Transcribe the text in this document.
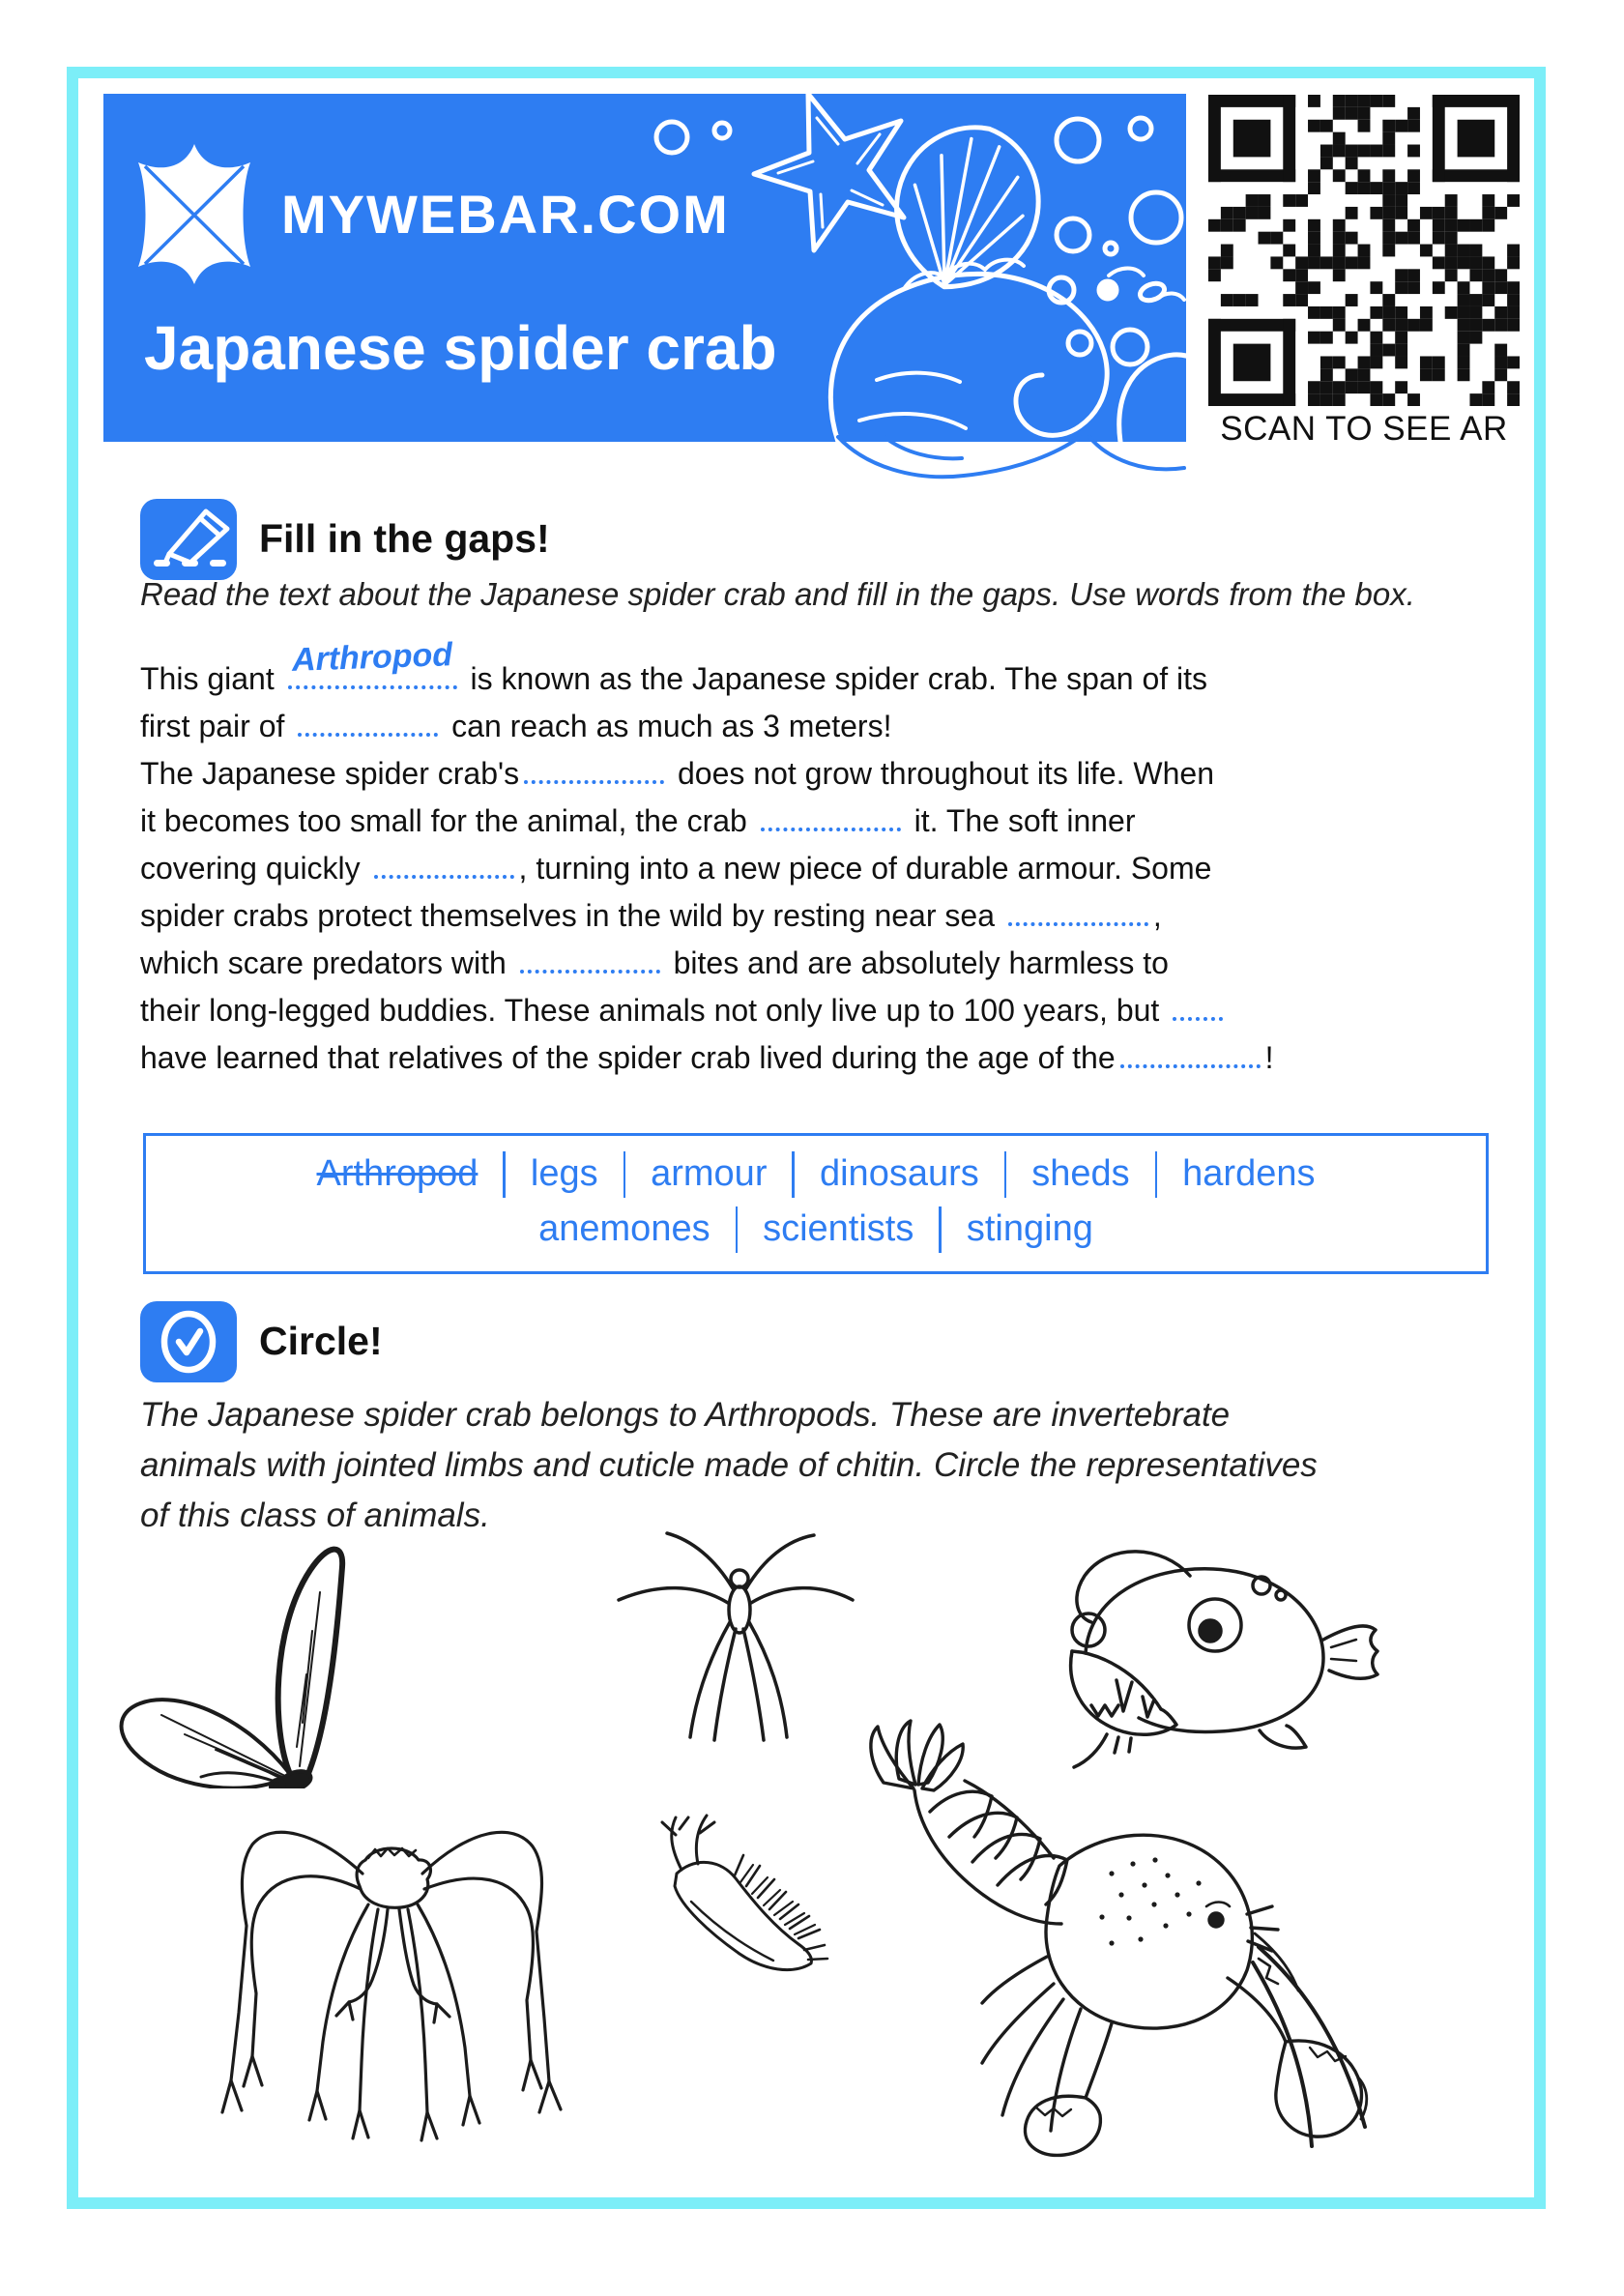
MYWEBAR.COM
Japanese spider crab
SCAN TO SEE AR
Fill in the gaps!
Read the text about the Japanese spider crab and fill in the gaps. Use words from the box.
This giant
Arthropod
is known as the Japanese spider crab. The span of its
first pair of	can reach as much as 3 meters!
The Japanese spider crab's	does not grow throughout its life. When
it becomes too small for the animal, the crab	it. The soft inner
covering quickly	, turning into a new piece of durable armour. Some
spider crabs protect themselves in the wild by resting near sea	,
which scare predators with	bites and are absolutely harmless to
their long-legged buddies. These animals not only live up to 100 years, but
have learned that relatives of the spider crab lived during the age of the	!
Arthropod	legs	armour	dinosaurs	sheds	hardens
anemones	scientists	stinging
Circle!
The Japanese spider crab belongs to Arthropods. These are invertebrate
animals with jointed limbs and cuticle made of chitin. Circle the representatives
of this class of animals.
